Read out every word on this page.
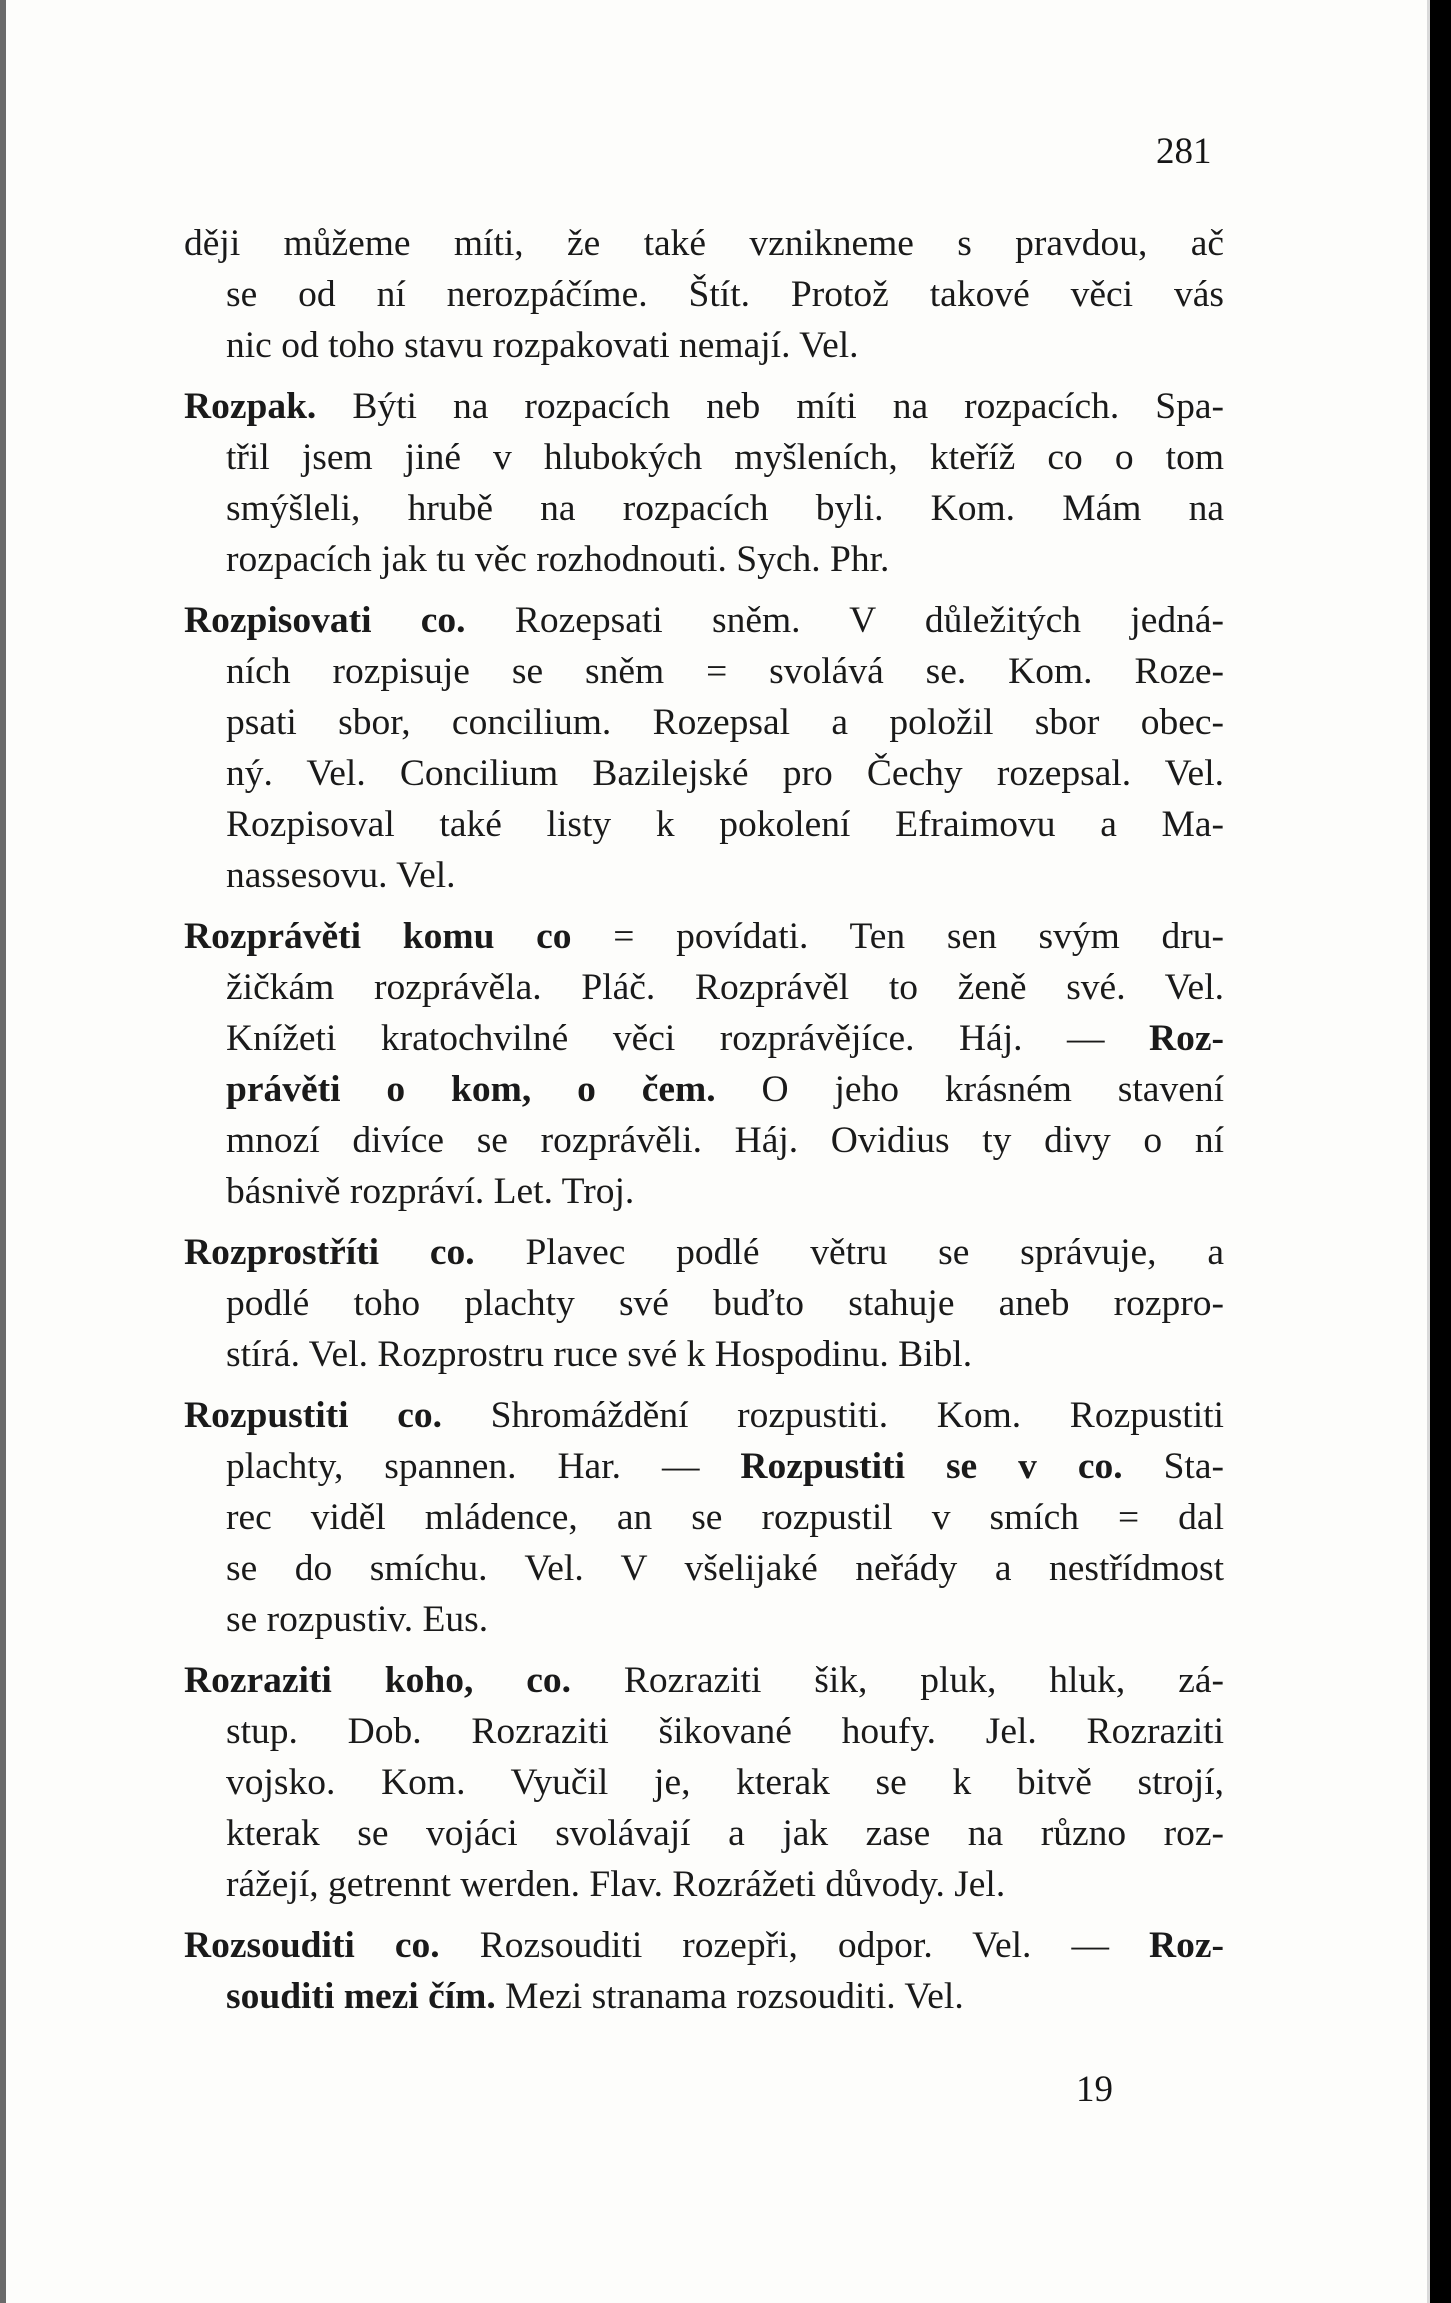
281
ději můžeme míti, že také vznikneme s pravdou, ač
se od ní nerozpáčíme. Štít. Protož takové věci vás
nic od toho stavu rozpakovati nemají. Vel.
Rozpak. Býti na rozpacích neb míti na rozpacích. Spa-
třil jsem jiné v hlubokých myšleních, kteříž co o tom
smýšleli, hrubě na rozpacích byli. Kom. Mám na
rozpacích jak tu věc rozhodnouti. Sych. Phr.
Rozpisovati co. Rozepsati sněm. V důležitých jedná-
ních rozpisuje se sněm = svolává se. Kom. Roze-
psati sbor, concilium. Rozepsal a položil sbor obec-
ný. Vel. Concilium Bazilejské pro Čechy rozepsal. Vel.
Rozpisoval také listy k pokolení Efraimovu a Ma-
nassesovu. Vel.
Rozprávěti komu co = povídati. Ten sen svým dru-
žičkám rozprávěla. Pláč. Rozprávěl to ženě své. Vel.
Knížeti kratochvilné věci rozprávějíce. Háj. — Roz-
právěti o kom, o čem. O jeho krásném stavení
mnozí divíce se rozprávěli. Háj. Ovidius ty divy o ní
básnivě rozpráví. Let. Troj.
Rozprostříti co. Plavec podlé větru se správuje, a
podlé toho plachty své buďto stahuje aneb rozpro-
stírá. Vel. Rozprostru ruce své k Hospodinu. Bibl.
Rozpustiti co. Shromáždění rozpustiti. Kom. Rozpustiti
plachty, spannen. Har. — Rozpustiti se v co. Sta-
rec viděl mládence, an se rozpustil v smích = dal
se do smíchu. Vel. V všelijaké neřády a nestřídmost
se rozpustiv. Eus.
Rozraziti koho, co. Rozraziti šik, pluk, hluk, zá-
stup. Dob. Rozraziti šikované houfy. Jel. Rozraziti
vojsko. Kom. Vyučil je, kterak se k bitvě strojí,
kterak se vojáci svolávají a jak zase na různo roz-
rážejí, getrennt werden. Flav. Rozrážeti důvody. Jel.
Rozsouditi co. Rozsouditi rozepři, odpor. Vel. — Roz-
souditi mezi čím. Mezi stranama rozsouditi. Vel.
19
